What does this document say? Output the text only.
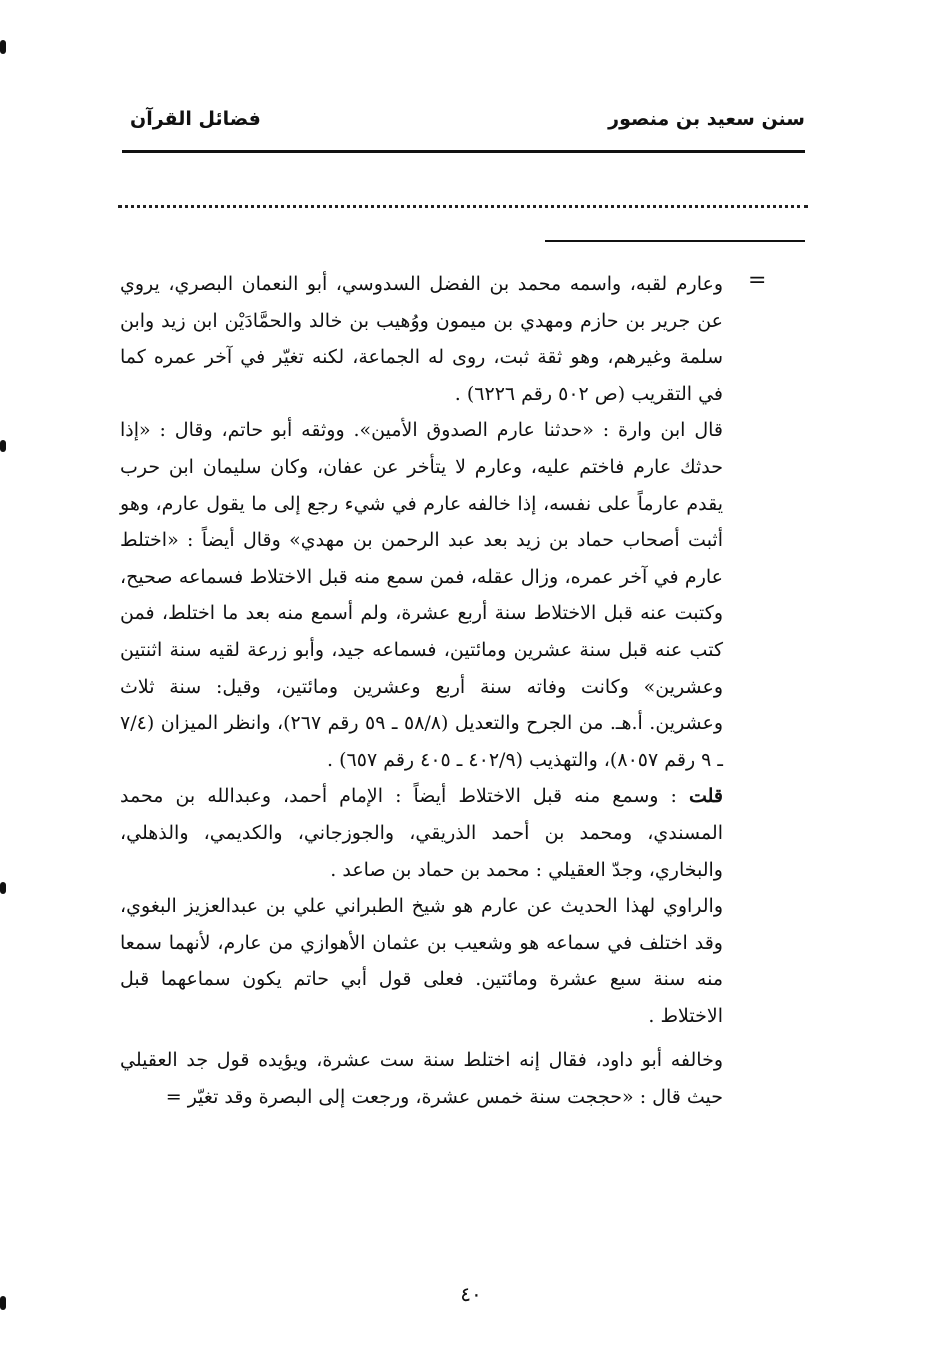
سنن سعيد بن منصور
فضائل القرآن
=

وعارم لقبه، واسمه محمد بن الفضل السدوسي، أبو النعمان البصري، يروي عن جرير بن حازم ومهدي بن ميمون ووُهيب بن خالد والحمَّادَيْن ابن زيد وابن سلمة وغيرهم، وهو ثقة ثبت، روى له الجماعة، لكنه تغيّر في آخر عمره كما في التقريب (ص ٥٠٢ رقم ٦٢٢٦) .

قال ابن وارة : «حدثنا عارم الصدوق الأمين». ووثقه أبو حاتم، وقال : «إذا حدثك عارم فاختم عليه، وعارم لا يتأخر عن عفان، وكان سليمان ابن حرب يقدم عارماً على نفسه، إذا خالفه عارم في شيء رجع إلى ما يقول عارم، وهو أثبت أصحاب حماد بن زيد بعد عبد الرحمن بن مهدي» وقال أيضاً : «اختلط عارم في آخر عمره، وزال عقله، فمن سمع منه قبل الاختلاط فسماعه صحيح، وكتبت عنه قبل الاختلاط سنة أربع عشرة، ولم أسمع منه بعد ما اختلط، فمن كتب عنه قبل سنة عشرين ومائتين، فسماعه جيد، وأبو زرعة لقيه سنة اثنتين وعشرين» وكانت وفاته سنة أربع وعشرين ومائتين، وقيل: سنة ثلاث وعشرين. أ.هـ. من الجرح والتعديل (٥٨/٨ ـ ٥٩ رقم ٢٦٧)، وانظر الميزان (٧/٤ ـ ٩ رقم ٨٠٥٧)، والتهذيب (٤٠٢/٩ ـ ٤٠٥ رقم ٦٥٧) .

قلت : وسمع منه قبل الاختلاط أيضاً : الإمام أحمد، وعبدالله بن محمد المسندي، ومحمد بن أحمد الذريقي، والجوزجاني، والكديمي، والذهلي، والبخاري، وجدّ العقيلي : محمد بن حماد بن صاعد .

والراوي لهذا الحديث عن عارم هو شيخ الطبراني علي بن عبدالعزيز البغوي، وقد اختلف في سماعه هو وشعيب بن عثمان الأهوازي من عارم، لأنهما سمعا منه سنة سبع عشرة ومائتين. فعلى قول أبي حاتم يكون سماعهما قبل الاختلاط .

وخالفه أبو داود، فقال إنه اختلط سنة ست عشرة، ويؤيده قول جد العقيلي حيث قال : «حججت سنة خمس عشرة، ورجعت إلى البصرة وقد تغيّر =

٤٠
